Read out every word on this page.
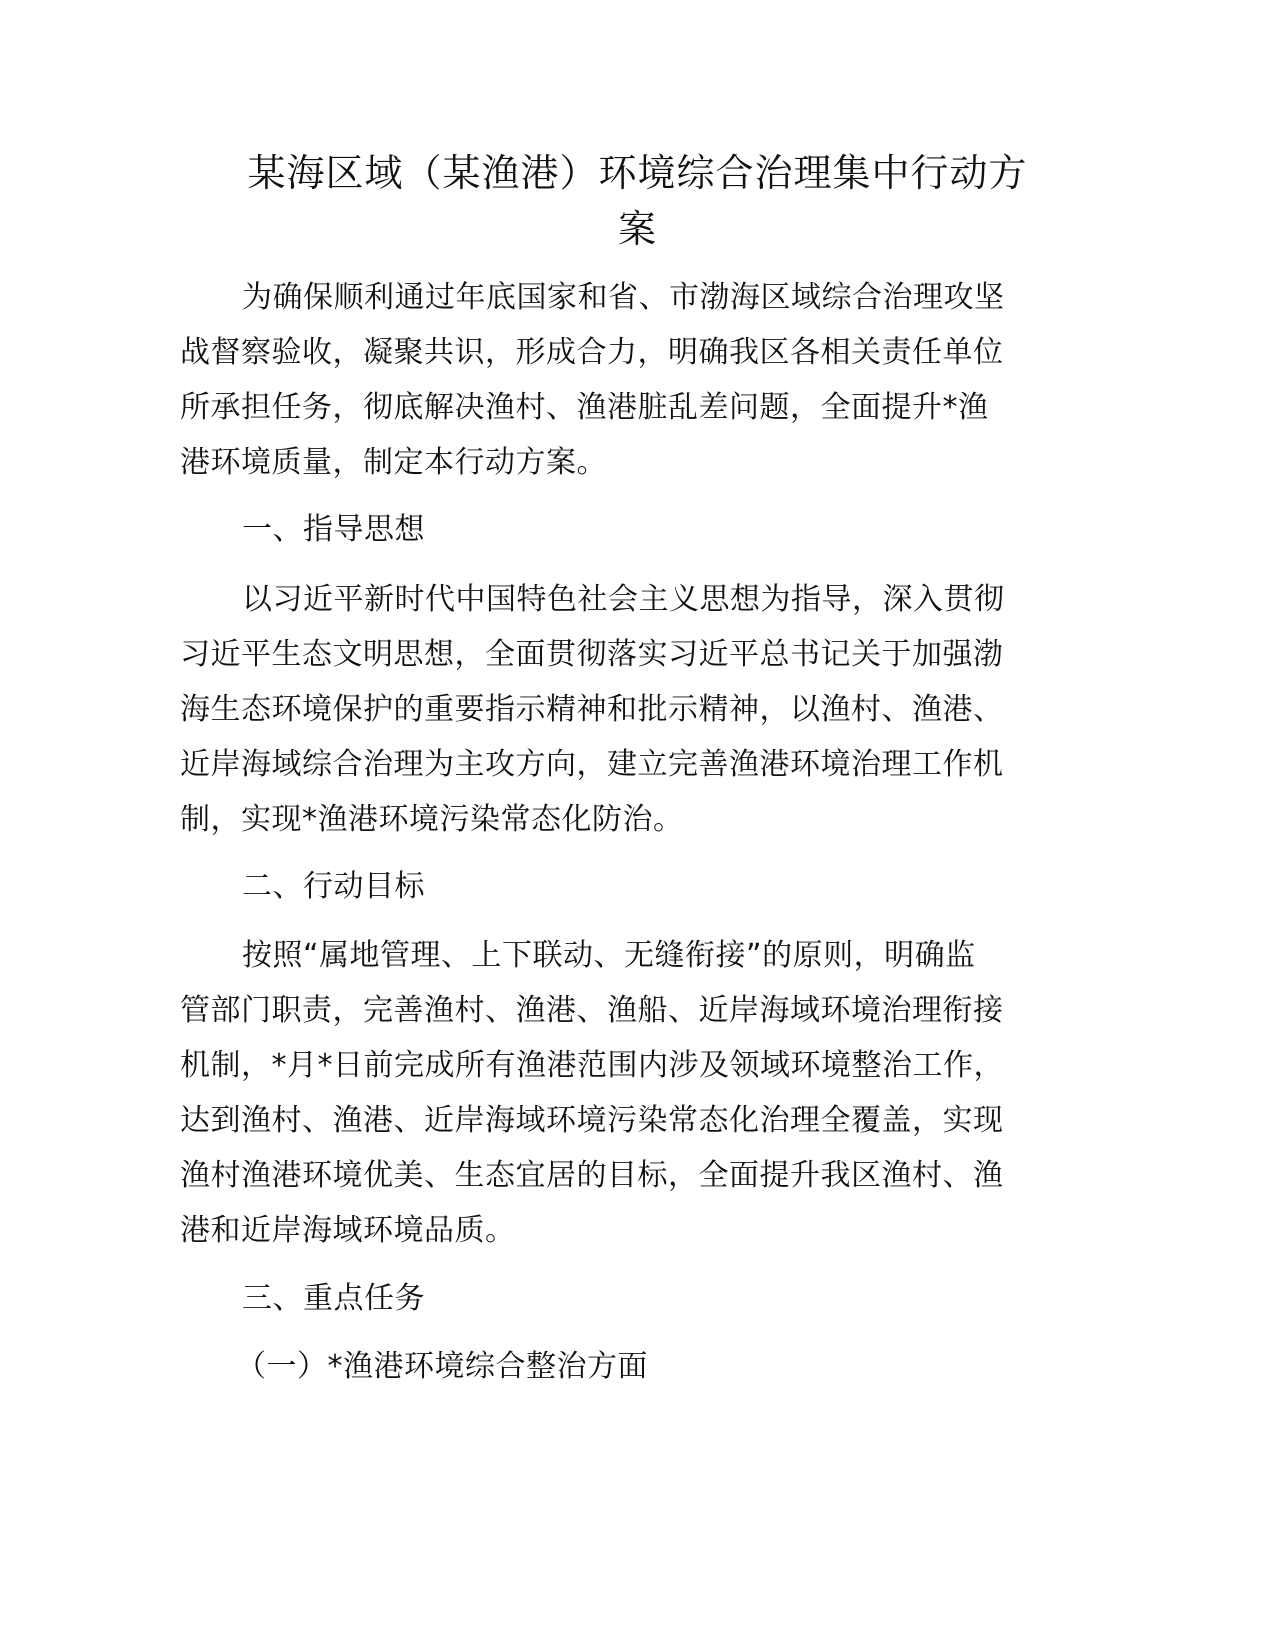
某海区域（某渔港）环境综合治理集中行动方
案
为确保顺利通过年底国家和省、市渤海区域综合治理攻坚
战督察验收，凝聚共识，形成合力，明确我区各相关责任单位
所承担任务，彻底解决渔村、渔港脏乱差问题，全面提升*渔
港环境质量，制定本行动方案。
一、指导思想
以习近平新时代中国特色社会主义思想为指导，深入贯彻
习近平生态文明思想，全面贯彻落实习近平总书记关于加强渤
海生态环境保护的重要指示精神和批示精神，以渔村、渔港、
近岸海域综合治理为主攻方向，建立完善渔港环境治理工作机
制，实现*渔港环境污染常态化防治。
二、行动目标
按照“属地管理、上下联动、无缝衔接”的原则，明确监
管部门职责，完善渔村、渔港、渔船、近岸海域环境治理衔接
机制，*月*日前完成所有渔港范围内涉及领域环境整治工作，
达到渔村、渔港、近岸海域环境污染常态化治理全覆盖，实现
渔村渔港环境优美、生态宜居的目标，全面提升我区渔村、渔
港和近岸海域环境品质。
三、重点任务
（一）*渔港环境综合整治方面
